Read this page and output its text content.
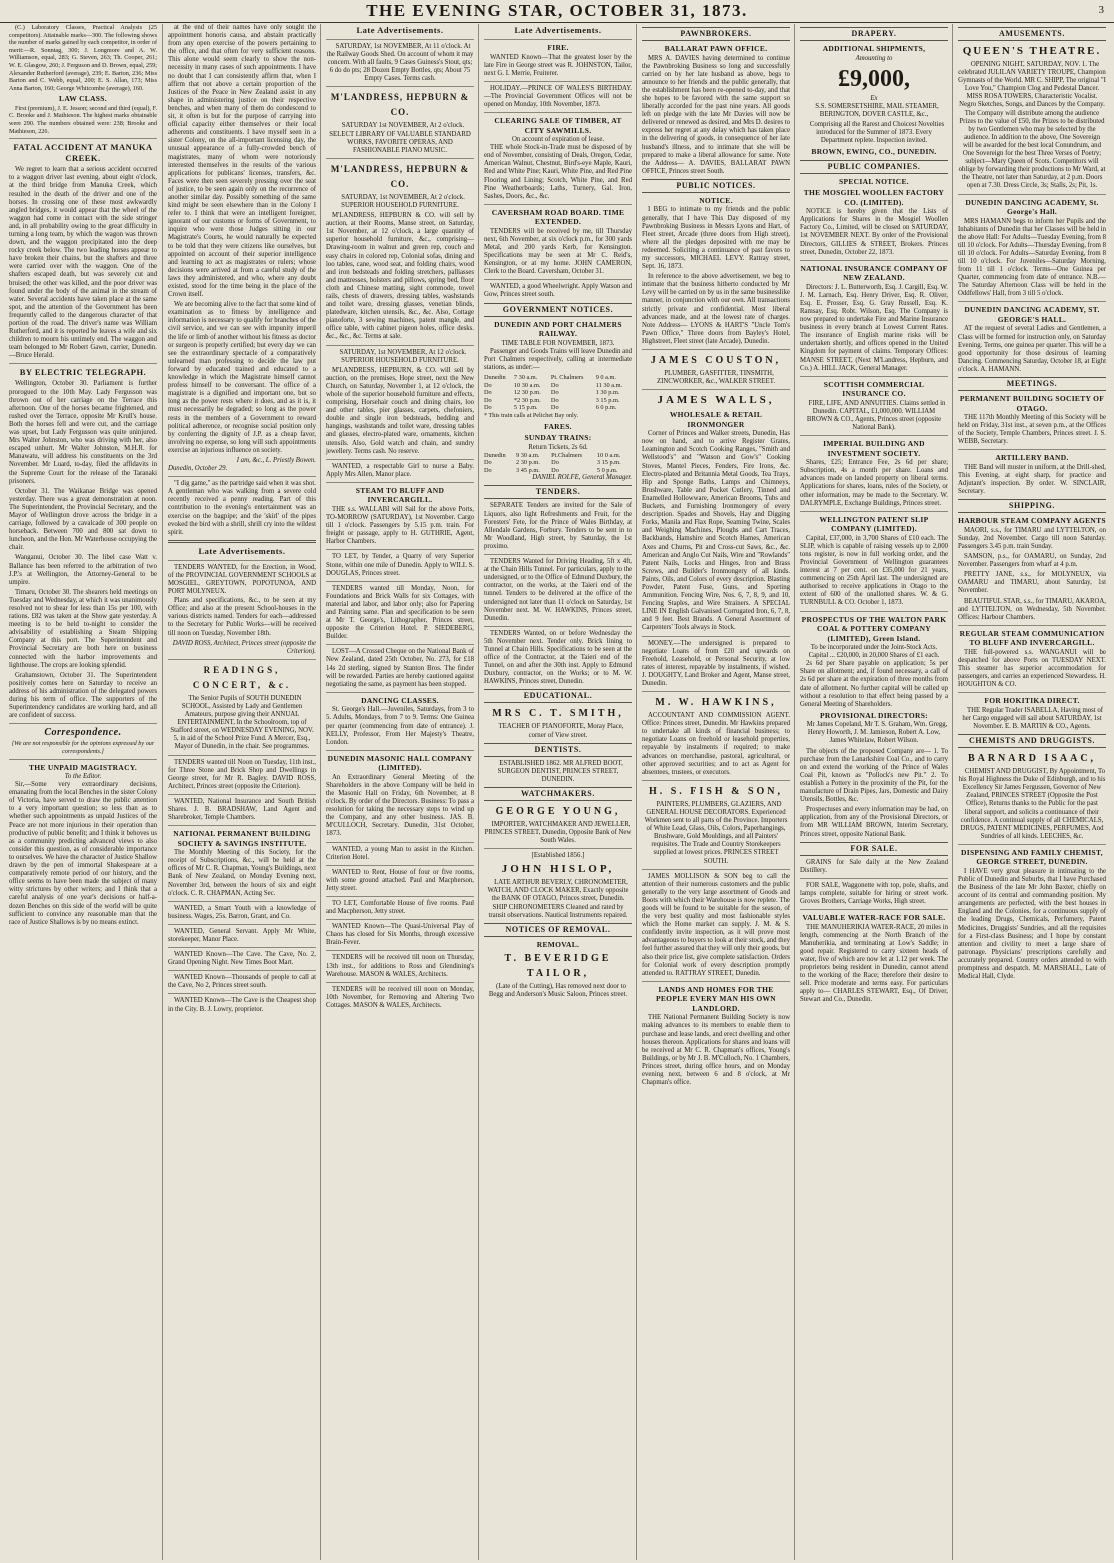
THE EVENING STAR, OCTOBER 31, 1873.	3

(C.) Laboratory Classes, Practical Analysis (25 competitors). Attainable marks—300. The following shows the number of marks gained by each competitor, in order of merit:—R. Sonntag, 300; J. Longmore and A. W. Williamson, equal, 283; G. Steven, 263; Th. Cooper, 261; W. E. Glasgow, 260; J. Ferguson and D. Brown, equal, 259; Alexander Rutherford (average), 239; E. Barton, 236; Miss Barton and C. Webb, equal, 200; E. S. Allan, 173; Miss Anna Barton, 160; George Whitcombe (average), 160.

LAW CLASS.

First (premium), J. E. Jesson; second and third (equal), F. C. Brooke and J. Mathieson. The highest marks obtainable were 290. The numbers obtained were: 238; Brooke and Mathieson, 226.

FATAL ACCIDENT AT MANUKA CREEK.

We regret to learn that a serious accident occurred to a waggon driver last evening, about eight o'clock, at the third bridge from Manuka Creek, which resulted in the death of the driver and one of the horses. In crossing one of these most awkwardly angled bridges, it would appear that the wheel of the waggon had come in contact with the side stringer and, in all probability owing to the great difficulty in turning a long team, by which the wagon was thrown down, and the waggon precipitated into the deep rocky creek below. The two leading horses appear to have broken their chains, but the shafters and three were carried over with the waggon. One of the shafters escaped death, but was severely cut and bruised; the other was killed, and the poor driver was found under the body of the animal in the stream of water. Several accidents have taken place at the same spot, and the attention of the Government has been frequently called to the dangerous character of that portion of the road. The driver's name was William Rutherford, and it is reported he leaves a wife and six children to mourn his untimely end. The waggon and team belonged to Mr Robert Gawn, carrier, Dunedin.—Bruce Herald.

BY ELECTRIC TELEGRAPH.

Wellington, October 30. Parliament is further prorogued to the 10th May. Lady Fergusson was thrown out of her carriage on the Terrace this afternoon. One of the horses became frightened, and rushed over the Terrace, opposite Mr Krull's house. Both the horses fell and were cut, and the carriage was upset, but Lady Fergusson was quite uninjured. Mrs Walter Johnston, who was driving with her, also escaped unhurt. Mr Walter Johnston, M.H.R. for Manawatu, will address his constituents on the 3rd November. Mr Luard, to-day, filed the affidavits in the Supreme Court for the release of the Taranaki prisoners.

October 31. The Waikanae Bridge was opened yesterday. There was a great demonstration at noon. The Superintendent, the Provincial Secretary, and the Mayor of Wellington drove across the bridge in a carriage, followed by a cavalcade of 300 people on horseback. Between 700 and 800 sat down to luncheon, and the Hon. Mr Waterhouse occupying the chair.

Wanganui, October 30. The libel case Watt v. Ballance has been referred to the arbitration of two J.P.'s at Wellington, the Attorney-General to be umpire.

Timaru, October 30. The shearers held meetings on Tuesday and Wednesday, at which it was unanimously resolved not to shear for less than 15s per 100, with rations. £82 was taken at the Show gate yesterday. A meeting is to be held to-night to consider the advisability of establishing a Steam Shipping Company at this port. The Superintendent and Provincial Secretary are both here on business connected with the harbor improvements and lighthouse. The crops are looking splendid.

Grahamstown, October 31. The Superintendent positively comes here on Saturday to receive an address of his administration of the delegated powers during his term of office. The supporters of the Superintendency candidates are working hard, and all are confident of success.

Correspondence.
[We are not responsible for the opinions expressed by our correspondents.]
THE UNPAID MAGISTRACY.
To the Editor.

Sir,—Some very extraordinary decisions, emanating from the local Benches in the sister Colony of Victoria, have served to draw the public attention to a very important question; so less than as to whether such appointments as unpaid Justices of the Peace are not more injurious in their operation than productive of public benefit; and I think it behoves us as a community predicting advanced views to also consider this question, as of considerable importance to ourselves. We have the character of Justice Shallow drawn by the pen of immortal Shakespeare at a comparatively remote period of our history, and the office seems to have been made the subject of many witty strictures by other writers; and I think that a careful analysis of one year's decisions or half-a-dozen Benches on this side of the world will be quite sufficient to convince any reasonable man that the race of Justice Shallows is by no means extinct.

at the end of their names have only sought the appointment honoris causa, and abstain practically from any open exercise of the powers pertaining to the office, and that often for very sufficient reasons. This alone would seem clearly to show the non-necessity in many cases of such appointments. I have no doubt that I can consistently affirm that, when I affirm that not above a certain proportion of the Justices of the Peace in New Zealand assist in any shape in administering justice on their respective benches, and when many of them do condescend to sit, it often is but for the purpose of carrying into official capacity either themselves or their local adherents and constituents. I have myself seen in a sister Colony, on the all-important licensing day, the unusual appearance of a fully-crowded bench of magistrates, many of whom were notoriously interested themselves in the results of the various applications for publicans' licenses, transfers, &c. Faces were then seen severely pressing over the seat of justice, to be seen again only on the recurrence of another similar day. Possibly something of the same kind might be seen elsewhere than in the Colony I refer to. I think that were an intelligent foreigner, ignorant of our customs or forms of Government, to inquire who were those Judges sitting in our Magistrate's Courts, he would naturally be expected to be told that they were citizens like ourselves, but appointed on account of their superior intelligence and learning to act as magistrates or rulers; whose decisions were arrived at from a careful study of the laws they administered, and who, where any doubt existed, stood for the time being in the place of the Crown itself.

We are becoming alive to the fact that some kind of examination as to fitness by intelligence and information is necessary to qualify for branches of the civil service, and we can see with impunity imperil the life or limb of another without his fitness as doctor or surgeon is properly certified; but every day we can see the extraordinary spectacle of a comparatively unlearned man professing to decide the law put forward by educated trained and educated to a knowledge in which the Magistrate himself cannot profess himself to be conversant. The office of a magistrate is a dignified and important one, but so long as the power rests where it does, and as it is, it must necessarily be degraded; so long as the power rests in the members of a Government to reward political adherence, or recognise social position only by conferring the dignity of J.P. as a cheap favor, involving no expense, so long will such appointments exercise an injurious influence on society.

I am, &c., L. Priestly Bowen.
Dunedin, October 29.

"I dig game," as the partridge said when it was shot. A gentleman who was walking from a severe cold recently received a penny reading. Part of this contribution to the evening's entertainment was an exercise on the bagpipe; and the 'skirl' of the pipes evoked the bird with a shrill, shrill cry into the wildest spirit.

Late Advertisements.

TENDERS WANTED, for the Erection, in Wood, of the PROVINCIAL GOVERNMENT SCHOOLS at MOSGIEL, GREYTOWN, POPOTUNOA, AND PORT MOLYNEUX.

Plans and specifications, &c., to be seen at my Office; and also at the present School-houses in the various districts named. Tenders for each—addressed to the Secretary for Public Works—will be received till noon on Tuesday, November 18th.

DAVID ROSS, Architect, Princes street (opposite the Criterion).
READINGS, CONCERT, &c.

The Senior Pupils of SOUTH DUNEDIN SCHOOL, Assisted by Lady and Gentlemen Amateurs, purpose giving their ANNUAL ENTERTAINMENT, In the Schoolroom, top of Stafford street, on WEDNESDAY EVENING, NOV. 5, in aid of the School Prize Fund. A Mercer, Esq., Mayor of Dunedin, in the chair. See programmes.

TENDERS wanted till Noon on Tuesday, 11th inst., for Three Stone and Brick Shop and Dwellings in George street, for Mr R. Bagley. DAVID ROSS, Architect, Princes street (opposite the Criterion).

WANTED, National Insurance and South British Shares. J. B. BRADSHAW, Land Agent and Sharebroker, Temple Chambers.

NATIONAL PERMANENT BUILDING SOCIETY & SAVINGS INSTITUTE.

The Monthly Meeting of this Society, for the receipt of Subscriptions, &c., will be held at the offices of Mr C. R. Chapman, Young's Buildings, next Bank of New Zealand, on Monday Evening next, November 3rd, between the hours of six and eight o'clock. C. R. CHAPMAN, Acting Sec.

WANTED, a Smart Youth with a knowledge of business. Wages, 25s. Barron, Grant, and Co.

WANTED, General Servant. Apply Mr White, storekeeper, Manor Place.

WANTED Known—The Cave. The Cave, No. 2, Grand Opening Night. New Times Boot Mart.

WANTED Known—Thousands of people to call at the Cave, No 2, Princes street south.

WANTED Known—The Cave is the Cheapest shop in the City. B. J. Lowry, proprietor.

Late Advertisements.

SATURDAY, 1st NOVEMBER, At 11 o'clock. At the Railway Goods Shed. On account of whom it may concern. With all faults, 9 Cases Guiness's Stout, qts; 6 do do pts; 28 Dozen Empty Bottles, qts; About 75 Empty Cases. Terms cash.

M'LANDRESS, HEPBURN & CO.

SATURDAY 1st NOVEMBER, At 2 o'clock. SELECT LIBRARY OF VALUABLE STANDARD WORKS, FAVORITE OPERAS, AND FASHIONABLE PIANO MUSIC.

M'LANDRESS, HEPBURN & CO.

SATURDAY, 1st NOVEMBER, At 2 o'clock. SUPERIOR HOUSEHOLD FURNITURE.

M'LANDRESS, HEPBURN & CO. will sell by auction, at their Rooms, Manse street, on Saturday, 1st November, at 12 o'clock, a large quantity of superior household furniture, &c., comprising— Drawing-room in walnut and green rep, couch and easy chairs in colored rep, Colonial sofas, dining and loo tables, cane, wood seat, and folding chairs, wood and iron bedsteads and folding stretchers, palliasses and mattresses, bolsters and pillows, spring bed, floor cloth and Chinese matting, sight commode, towel rails, chests of drawers, dressing tables, washstands and toilet ware, dressing glasses, venetian blinds, platedware, kitchen utensils, &c., &c. Also, Cottage pianoforte, 3 sewing machines, patent mangle, and office table, with cabinet pigeon holes, office desks. &c., &c., &c. Terms at sale.

SATURDAY, 1st NOVEMBER, At 12 o'clock. SUPERIOR HOUSEHOLD FURNITURE.

M'LANDRESS, HEPBURN, & CO. will sell by auction, on the premises, Hope street, next the New Church, on Saturday, November 1, at 12 o'clock, the whole of the superior household furniture and effects, comprising, Horsehair couch and dining chairs, loo and other tables, pier glasses, carpets, chefoniers, double and single iron bedsteads, bedding and hangings, washstands and toilet ware, dressing tables and glasses, electro-plated ware, ornaments, kitchen utensils. Also, Gold watch and chain, and sundry jewellery. Terms cash. No reserve.

WANTED, a respectable Girl to nurse a Baby. Apply Mrs Allen, Manor place.

STEAM TO BLUFF AND INVERCARGILL.

THE s.s. WALLABI will Sail for the above Ports, TO-MORROW (SATURDAY), 1st November. Cargo till 1 o'clock. Passengers by 5.15 p.m. train. For freight or passage, apply to H. GUTHRIE, Agent, Harbor Chambers.

TO LET, by Tender, a Quarry of very Superior Stone, within one mile of Dunedin. Apply to WILL S. DOUGLAS, Princes street.

TENDERS wanted till Monday, Noon, for Foundations and Brick Walls for six Cottages, with material and labor, and labor only; also for Papering and Painting same. Plan and specification to be seen at Mr T. George's, Lithographer, Princes street, opposite the Criterion Hotel. P. SIEDEBERG, Builder.

LOST—A Crossed Cheque on the National Bank of New Zealand, dated 25th October, No. 273, for £18 14s 2d sterling, signed by Stanton Bros. The finder will be rewarded. Parties are hereby cautioned against negotiating the same, as payment has been stopped.

DANCING CLASSES.

St. George's Hall.—Juveniles, Saturdays, from 3 to 5. Adults, Mondays, from 7 to 9. Terms: One Guinea per quarter (commencing from date of entrance). J. KELLY, Professor, From Her Majesty's Theatre, London.

DUNEDIN MASONIC HALL COMPANY (LIMITED).

An Extraordinary General Meeting of the Shareholders in the above Company will be held in the Masonic Hall on Friday, 6th November, at 8 o'clock. By order of the Directors. Business: To pass a resolution for taking the necessary steps to wind up the Company, and any other business. JAS. B. M'CULLOCH, Secretary. Dunedin, 31st October, 1873.

WANTED, a young Man to assist in the Kitchen. Criterion Hotel.

WANTED to Rent, House of four or five rooms, with some ground attached. Paul and Macpherson, Jetty street.

TO LET, Comfortable House of five rooms. Paul and Macpherson, Jetty street.

WANTED Known—The Quasi-Universal Play of Chaos has closed for Six Months, through excessive Brain-Fever.

TENDERS will be received till noon on Thursday, 13th inst., for additions to Ross and Glendining's Warehouse. MASON & WALES, Architects.

TENDERS will be received till noon on Monday, 10th November, for Removing and Altering Two Cottages. MASON & WALES, Architects.

Late Advertisements.
FIRE.

WANTED Known—That the greatest loser by the late Fire in George street was R. JOHNSTON, Tailor, next G. I. Merrie, Fruiterer.

HOLIDAY.—PRINCE OF WALES'S BIRTHDAY.—The Provincial Government Offices will not be opened on Monday, 10th November, 1873.

CLEARING SALE OF TIMBER, AT CITY SAWMILLS.
On account of expiration of lease.

THE whole Stock-in-Trade must be disposed of by end of November, consisting of Deals, Oregon, Cedar, American Walnut, Chestnut, Bird's-eye Maple, Kauri, Red and White Pine; Kauri, White Pine, and Red Pine Flooring and Lining; Scotch, White Pine, and Red Pine Weatherboards; Laths, Turnery, Gal. Iron, Sashes, Doors, &c., &c.

CAVERSHAM ROAD BOARD. TIME EXTENDED.

TENDERS will be received by me, till Thursday next, 6th November, at six o'clock p.m., for 300 yards Metal, and 200 yards Kerb, for Kensington. Specifications may be seen at Mr C. Reid's, Kensington, or at my home. JOHN CAMERON, Clerk to the Board. Caversham, October 31.

WANTED, a good Wheelwright. Apply Watson and Gow, Princes street south.

GOVERNMENT NOTICES.
DUNEDIN AND PORT CHALMERS RAILWAY.
TIME TABLE FOR NOVEMBER, 1873.

Passenger and Goods Trains will leave Dunedin and Port Chalmers respectively, calling at intermediate stations, as under:—

Dunedin	7 30 a.m.	Pt. Chalmers	9 0 a.m.
Do	10 30 a.m.	Do	11 30 a.m.
Do	12 30 p.m.	Do	1 30 p.m.
Do	*2 30 p.m.	Do	3 15 p.m.
Do	5 15 p.m.	Do	6 0 p.m.
* This train calls at Pelichet Bay only.
FARES.
SUNDAY TRAINS:
Return Tickets, 2s 6d.
Dunedin	9 30 a.m.	Pt.Chalmers	10 0 a.m.
Do	2 30 p.m.	Do	3 15 p.m.
Do	3 45 p.m.	Do	5 0 p.m.
DANIEL ROLFE, General Manager.
TENDERS.

SEPARATE Tenders are invited for the Sale of Liquors, also light Refreshments and Fruit, for the Foresters' Fete, for the Prince of Wales Birthday, at Allendale Gardens, Forbury. Tenders to be sent in to Mr Woodland, High street, by Saturday, the 1st proximo.

TENDERS Wanted for Driving Heading, 5ft x 4ft, at the Chain Hills Tunnel. For particulars, apply to the undersigned, or to the Office of Edmund Duxbury, the contractor, on the works, at the Taieri end of the tunnel. Tenders to be delivered at the office of the undersigned not later than 11 o'clock on Saturday, 1st November next. M. W. HAWKINS, Princes street, Dunedin.

TENDERS Wanted, on or before Wednesday the 5th November next. Tender only. Brick lining to Tunnel at Chain Hills. Specifications to be seen at the office of the Contractor, at the Taieri end of the Tunnel, on and after the 30th inst. Apply to Edmund Duxbury, contractor, on the Works; or to M. W. HAWKINS, Princes street, Dunedin.

EDUCATIONAL.
MRS C. T. SMITH,

TEACHER OF PIANOFORTE, Moray Place, corner of View street.

DENTISTS.

ESTABLISHED 1862. MR ALFRED BOOT, SURGEON DENTIST, PRINCES STREET, DUNEDIN.

WATCHMAKERS.
GEORGE YOUNG,

IMPORTER, WATCHMAKER AND JEWELLER, PRINCES STREET, Dunedin, Opposite Bank of New South Wales.

[Established 1856.]
JOHN HISLOP,

LATE ARTHUR BEVERLY, CHRONOMETER, WATCH, AND CLOCK MAKER, Exactly opposite the BANK OF OTAGO, Princes street, Dunedin. SHIP CHRONOMETERS Cleaned and rated by transit observations. Nautical Instruments repaired.

NOTICES OF REMOVAL.
REMOVAL.
T. BEVERIDGE TAILOR,

(Late of the Cutting), Has removed next door to Begg and Anderson's Music Saloon, Princes street.

PAWNBROKERS.
BALLARAT PAWN OFFICE.

MRS A. DAVIES having determined to continue the Pawnbroking Business so long and successfully carried on by her late husband as above, begs to announce to her friends and the public generally, that the establishment has been re-opened to-day, and that she hopes to be favored with the same support so liberally accorded for the past nine years. All goods left on pledge with the late Mr Davies will now be delivered or renewed as desired, and Mrs D. desires to express her regret at any delay which has taken place in the delivering of goods, in consequence of her late husband's illness, and to intimate that she will be prepared to make a liberal allowance for same. Note the Address— A. DAVIES, BALLARAT PAWN OFFICE, Princes street South.

PUBLIC NOTICES.
NOTICE.

I BEG to intimate to my friends and the public generally, that I have This Day disposed of my Pawnbroking Business in Messrs Lyons and Hart, of Fleet street, Arcade (three doors from High street), where all the pledges deposited with me may be redeemed. Soliciting a continuance of past favors to my successors, MICHAEL LEVY. Rattray street, Sept. 16, 1873.

In reference to the above advertisement, we beg to intimate that the business hitherto conducted by Mr Levy will be carried on by us in the same businesslike manner, in conjunction with our own. All transactions strictly private and confidential. Most liberal advances made, and at the lowest rate of charges. Note Address— LYONS & HART'S "Uncle Tom's Pawn Office," Three doors from Bayley's Hotel, Highstreet, Fleet street (late Arcade), Dunedin.

JAMES COUSTON,

PLUMBER, GASFITTER, TINSMITH, ZINCWORKER, &c., WALKER STREET.

JAMES WALLS,
WHOLESALE & RETAIL IRONMONGER

Corner of Princes and Walker streets, Dunedin, Has now on hand, and to arrive Register Grates, Leamington and Scotch Cooking Ranges, "Smith and Wellstood's" and "Watson and Gow's" Cooking Stoves, Mantel Pieces, Fenders, Fire Irons, &c. Electro-plated and Britannia Metal Goods, Tea Trays, Hip and Sponge Baths, Lamps and Chimneys, Brushware, Table and Pocket Cutlery, Tinned and Enamelled Hollowware, American Brooms, Tubs and Buckets, and Furnishing Ironmongery of every description. Spades and Shovels, Hay and Digging Forks, Manila and Flax Rope, Seaming Twine, Scales and Weighing Machines, Ploughs and Cart Traces, Backbands, Hamshire and Scotch Hames, American Axes and Churns, Pit and Cross-cut Saws, &c., &c. American and Anglo Cut Nails, Wire and "Rowlands" Patent Nails, Locks and Hinges, Iron and Brass Screws, and Builder's Ironmongery of all kinds. Paints, Oils, and Colors of every description. Blasting Powder, Patent Fuse, Guns, and Sporting Ammunition. Fencing Wire, Nos. 6, 7, 8, 9, and 10, Fencing Staples, and Wire Strainers. A SPECIAL LINE IN English Galvanised Corrugated Iron, 6, 7, 8, and 9 feet. Best Brands. A General Assortment of Carpenters' Tools always in Stock.

MONEY.—The undersigned is prepared to negotiate Loans of from £20 and upwards on Freehold, Leasehold, or Personal Security, at low rates of interest, repayable by instalments, if wished. J. DOUGHTY, Land Broker and Agent, Manse street, Dunedin.

M. W. HAWKINS,

ACCOUNTANT AND COMMISSION AGENT. Office: Princes street, Dunedin. Mr Hawkins prepared to undertake all kinds of financial business; to negotiate Loans on freehold or leasehold properties, repayable by instalments if required; to make advances on merchandise, pastoral, agricultural, or other approved securities; and to act as Agent for absentees, trustees, or executors.

H. S. FISH & SON,

PAINTERS, PLUMBERS, GLAZIERS, AND GENERAL HOUSE DECORATORS. Experienced Workmen sent to all parts of the Province. Importers of White Lead, Glass, Oils, Colors, Paperhangings, Brushware, Gold Mouldings, and all Painters' requisites. The Trade and Country Storekeepers supplied at lowest prices. PRINCES STREET SOUTH.

JAMES MOLLISON & SON beg to call the attention of their numerous customers and the public generally to the very large assortment of Goods and Boots with which their Warehouse is now replete. The goods will be found to be suitable for the season, of the very best quality and most fashionable styles which the Home market can supply. J. M. & S. confidently invite inspection, as it will prove most advantageous to buyers to look at their stock, and they feel further assured that they will only their goods, but also their price list, give complete satisfaction. Orders for Colonial work of every description promptly attended to. RATTRAY STREET, Dunedin.

LANDS AND HOMES FOR THE PEOPLE EVERY MAN HIS OWN LANDLORD.

THE National Permanent Building Society is now making advances to its members to enable them to purchase and lease lands, and erect dwelling and other houses thereon. Applications for shares and loans will be received at Mr C. R. Chapman's offices, Young's Buildings, or by Mr J. B. M'Culloch, No. 1 Chambers, Princes street, during office hours, and on Monday evening next, between 6 and 8 o'clock, at Mr Chapman's office.

DRAPERY.
ADDITIONAL SHIPMENTS,
Amounting to
£9,000,
Ex

S.S. SOMERSETSHIRE, MAIL STEAMER, BERINGTON, DOVER CASTLE, &c.,

Comprising all the Rarest and Choicest Novelties introduced for the Summer of 1873. Every Department replete. Inspection invited.

BROWN, EWING, CO., DUNEDIN.
PUBLIC COMPANIES.
SPECIAL NOTICE.
THE MOSGIEL WOOLLEN FACTORY CO. (LIMITED).

NOTICE is hereby given that the Lists of Applications for Shares in the Mosgiel Woollen Factory Co., Limited, will be closed on SATURDAY, 1st NOVEMBER NEXT. By order of the Provisional Directors, GILLIES & STREET, Brokers. Princes street, Dunedin, October 22, 1873.

NATIONAL INSURANCE COMPANY OF NEW ZEALAND.

Directors: J. L. Butterworth, Esq. J. Cargill, Esq. W. J. M. Larnach, Esq. Henry Driver, Esq. R. Oliver, Esq. E. Prosser, Esq. G. Gray Russell, Esq. K. Ramsay, Esq. Robt. Wilson, Esq. The Company is now prepared to undertake Fire and Marine Insurance business in every branch at Lowest Current Rates. The insurance of English marine risks will be undertaken shortly, and offices opened in the United Kingdom for payment of claims. Temporary Offices: MANSE STREET, (Next M'Landress, Hepburn, and Co.) A. HILL JACK, General Manager.

SCOTTISH COMMERCIAL INSURANCE CO.

FIRE, LIFE, AND ANNUITIES. Claims settled in Dunedin. CAPITAL, £1,000,000. WILLIAM BROWN & CO., Agents, Princes street (opposite National Bank).

IMPERIAL BUILDING AND INVESTMENT SOCIETY.

Shares, £25; Entrance Fee, 2s 6d per share; Subscription, 4s a month per share. Loans and advances made on landed property on liberal terms. Applications for shares, loans, rules of the Society, or other information, may be made to the Secretary. W. DALRYMPLE, Exchange Buildings, Princes street.

WELLINGTON PATENT SLIP COMPANY (LIMITED).

Capital, £37,000, in 3,700 Shares of £10 each. The SLIP, which is capable of raising vessels up to 2,000 tons register, is now in full working order, and the Provincial Government of Wellington guarantees interest at 7 per cent. on £35,000 for 21 years, commencing on 25th April last. The undersigned are authorised to receive applications in Otago to the extent of 600 of the unallotted shares. W. & G. TURNBULL & CO. October 1, 1873.

PROSPECTUS OF THE WALTON PARK COAL & POTTERY COMPANY (LIMITED), Green Island.
To be incorporated under the Joint-Stock Acts.
Capital ... £20,000, in 20,000 Shares of £1 each.

2s 6d per Share payable on application; 5s per Share on allotment; and, if found necessary, a call of 2s 6d per share at the expiration of three months from date of allotment. No further capital will be called up without a resolution to that effect being passed by a General Meeting of Shareholders.

PROVISIONAL DIRECTORS:

Mr James Copeland, Mr T. S. Graham, Wm. Gregg, Henry Howorth, J. M. Jamieson, Robert A. Low, James Whitelaw, Robert Wilson.

The objects of the proposed Company are— 1. To purchase from the Lanarkshire Coal Co., and to carry on and extend the working of the Prince of Wales Coal Pit, known as "Pollock's new Pit." 2. To establish a Pottery in the proximity of the Pit, for the manufacture of Drain Pipes, Jars, Domestic and Dairy Utensils, Bottles, &c.

Prospectuses and every information may be had, on application, from any of the Provisional Directors, or from MR WILLIAM BROWN, Interim Secretary, Princes street, opposite National Bank.

FOR SALE.

GRAINS for Sale daily at the New Zealand Distillery.

FOR SALE, Waggonette with top, pole, shafts, and lamps complete, suitable for hiring or street work. Groves Brothers, Carriage Works, High street.

VALUABLE WATER-RACE FOR SALE.

THE MANUHERIKIA WATER-RACE, 20 miles in length, commencing at the North Branch of the Manuherikia, and terminating at Low's Saddle; in good repair. Registered to carry sixteen heads of water, five of which are now let at 1.12 per week. The proprietors being resident in Dunedin, cannot attend to the working of the Race; therefore their desire to sell. Price moderate and terms easy. For particulars apply to— CHARLES STEWART, Esq., Of Driver, Stewart and Co., Dunedin.

AMUSEMENTS.
QUEEN'S THEATRE.

OPENING NIGHT, SATURDAY, NOV. 1. The celebrated JULILAN VARIETY TROUPE, Champion Gymnasts of the World. MR C. SHIPP, The original "I Love You," Champion Clog and Pedestal Dancer. MISS ROSA TOWERS, Characteristic Vocalist. Negro Sketches, Songs, and Dances by the Company. The Company will distribute among the audience Prizes to the value of £50, the Prizes to be distributed by two Gentlemen who may be selected by the audience. In addition to the above, One Sovereign will be awarded for the best local Conundrum, and One Sovereign for the best Three Verses of Poetry; subject—Mary Queen of Scots. Competitors will oblige by forwarding their productions to Mr Ward, at the Theatre, not later than Saturday, at 2 p.m. Doors open at 7.30. Dress Circle, 3s; Stalls, 2s; Pit, 1s.

DUNEDIN DANCING ACADEMY, St. George's Hall.

MRS HAMANN begs to inform her Pupils and the Inhabitants of Dunedin that her Classes will be held in the above Hall: For Adults—Tuesday Evening, from 8 till 10 o'clock. For Adults—Thursday Evening, from 8 till 10 o'clock. For Adults—Saturday Evening, from 8 till 10 o'clock. For Juveniles—Saturday Morning, from 11 till 1 o'clock. Terms—One Guinea per Quarter, commencing from date of entrance. N.B.—The Saturday Afternoon Class will be held in the Oddfellows' Hall, from 3 till 5 o'clock.

DUNEDIN DANCING ACADEMY, ST. GEORGE'S HALL.

AT the request of several Ladies and Gentlemen, a Class will be formed for instruction only, on Saturday Evening. Terms, one guinea per quarter. This will be a good opportunity for those desirous of learning Dancing. Commencing Saturday, October 18, at Eight o'clock. A. HAMANN.

MEETINGS.
PERMANENT BUILDING SOCIETY OF OTAGO.

THE 117th Monthly Meeting of this Society will be held on Friday, 31st inst., at seven p.m., at the Offices of the Society, Temple Chambers, Princes street. J. S. WEBB, Secretary.

ARTILLERY BAND.

THE Band will muster in uniform, at the Drill-shed, This Evening, at eight sharp, for practice and Adjutant's inspection. By order. W. SINCLAIR, Secretary.

SHIPPING.
HARBOUR STEAM COMPANY AGENTS

MAORI, s.s., for TIMARU and LYTTELTON, on Sunday, 2nd November. Cargo till noon Saturday. Passengers 3.45 p.m. train Sunday.

SAMSON, p.s., for OAMARU, on Sunday, 2nd November. Passengers from wharf at 4 p.m.

PRETTY JANE, s.s., for MOLYNEUX, via OAMARU and TIMARU, about Saturday, 1st November.

BEAUTIFUL STAR, s.s., for TIMARU, AKAROA, and LYTTELTON, on Wednesday, 5th November. Offices: Harbour Chambers.

REGULAR STEAM COMMUNICATION TO BLUFF AND INVERCARGILL.

THE full-powered s.s. WANGANUI will be despatched for above Ports on TUESDAY NEXT. This steamer has superior accommodation for passengers, and carries an experienced Stewardess. H. HOUGHTON & CO.

FOR HOKITIKA DIRECT.

THE Regular Trader ISABELLA, Having most of her Cargo engaged will sail about SATURDAY, 1st November. E. B. MARTIN & CO., Agents.

CHEMISTS AND DRUGGISTS.
BARNARD ISAAC,

CHEMIST AND DRUGGIST, By Appointment, To his Royal Highness the Duke of Edinburgh, and to his Excellency Sir James Fergussen, Governor of New Zealand, PRINCES STREET (Opposite the Post Office), Returns thanks to the Public for the past liberal support, and solicits a continuance of their confidence. A continual supply of all CHEMICALS, DRUGS, PATENT MEDICINES, PERFUMES, And Sundries of all kinds. LEECHES, &c.

DISPENSING AND FAMILY CHEMIST, GEORGE STREET, DUNEDIN.

I HAVE very great pleasure in intimating to the Public of Dunedin and Suburbs, that I have Purchased the Business of the late Mr John Baxter, chiefly on account of its central and commanding position. My arrangements are perfected, with the best houses in England and the Colonies, for a continuous supply of the leading Drugs, Chemicals, Perfumery, Patent Medicines, Druggists' Sundries, and all the requisites for a First-class Business; and I hope by constant attention and civility to meet a large share of patronage. Physicians' prescriptions carefully and accurately prepared. Country orders attended to with promptness and despatch. M. MARSHALL, Late of Medical Hall, Clyde.
